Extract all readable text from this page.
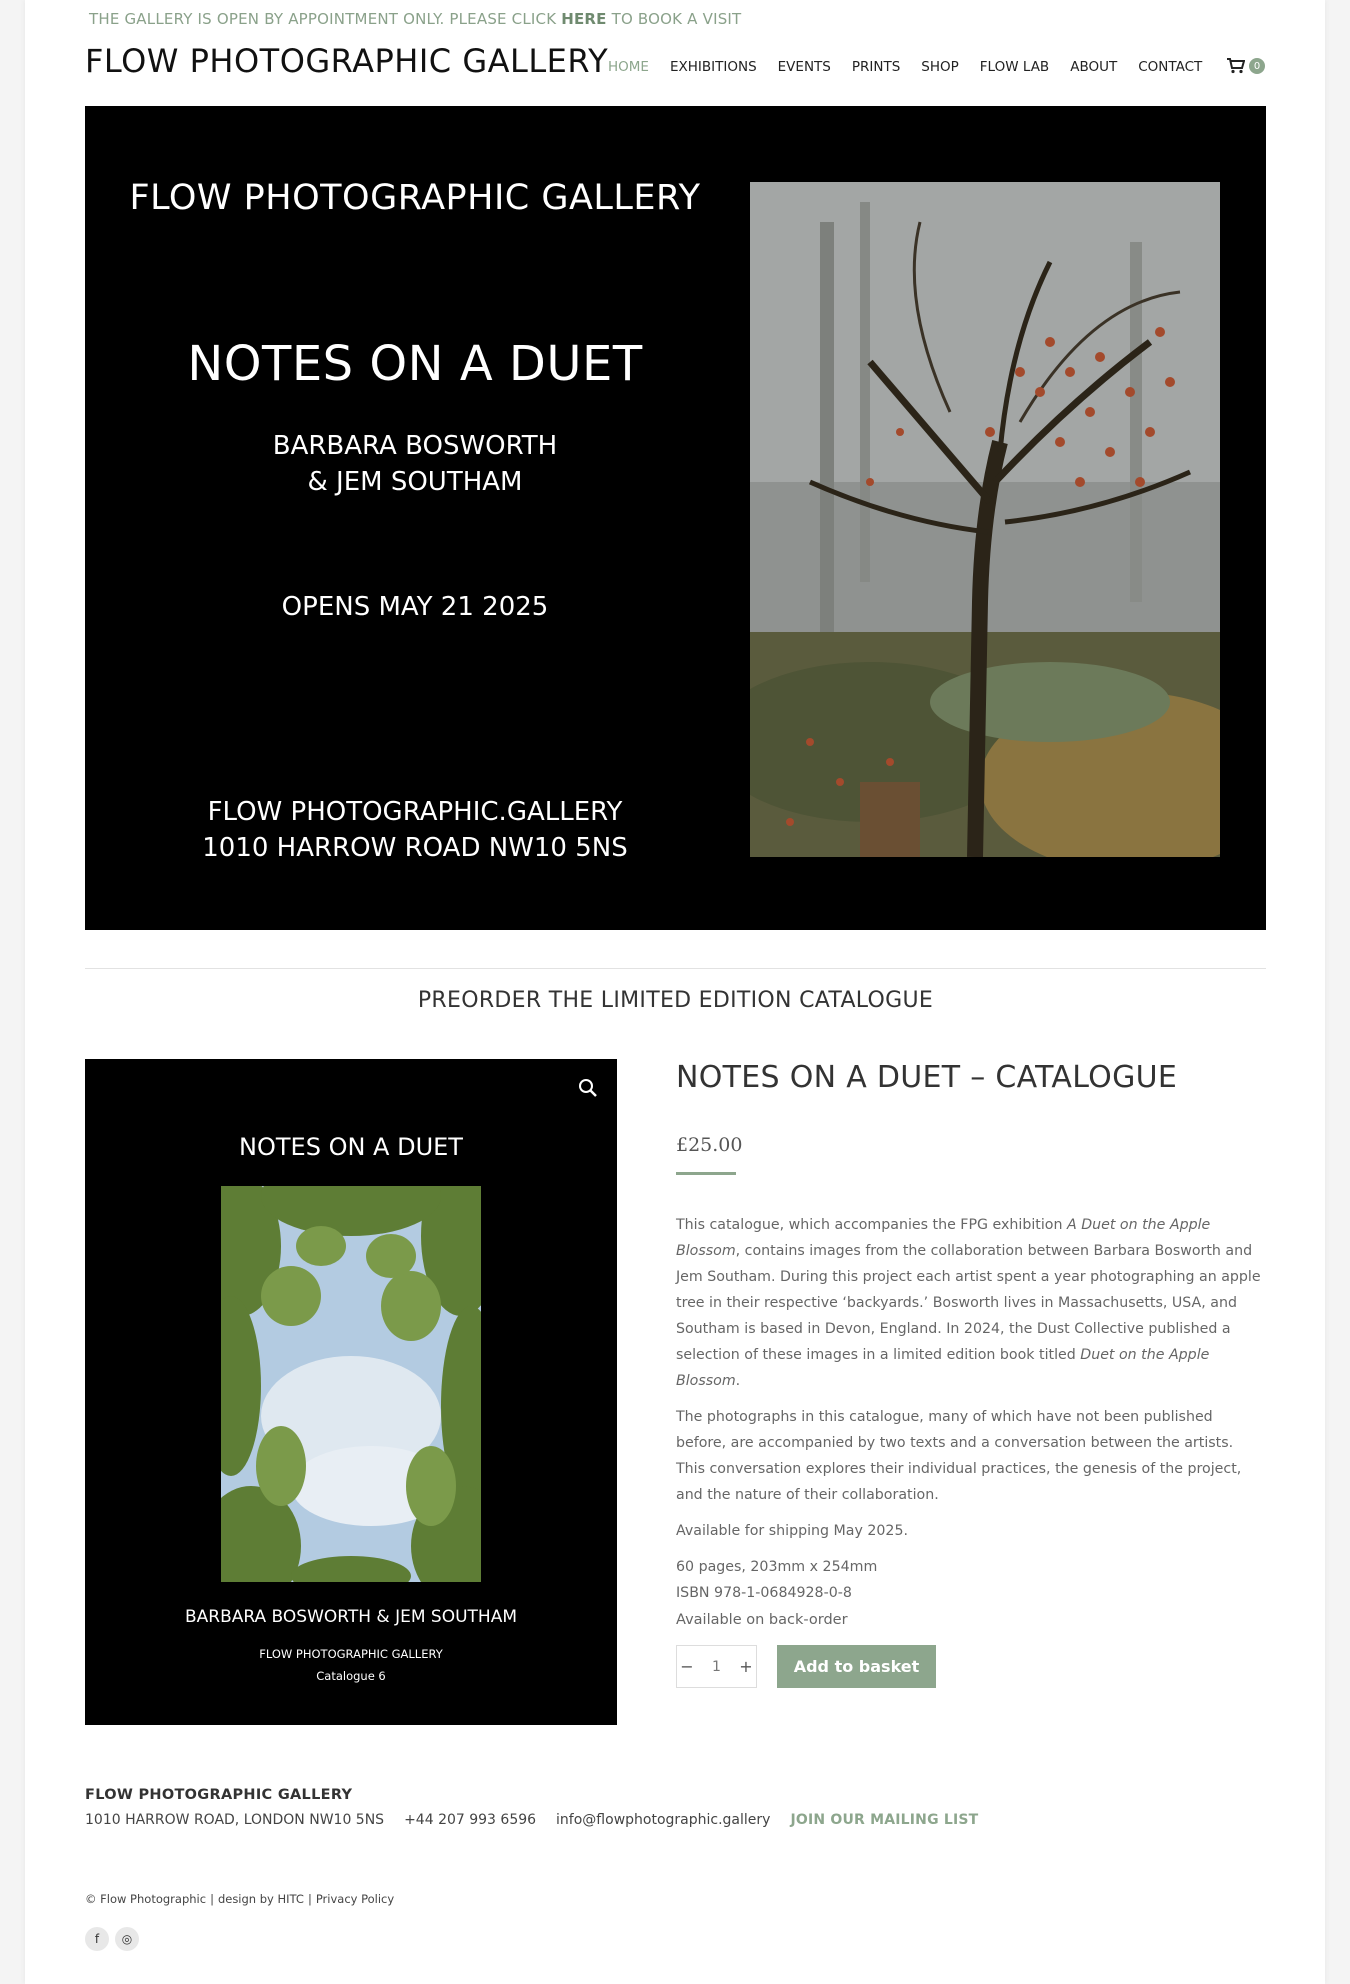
THE GALLERY IS OPEN BY APPOINTMENT ONLY. PLEASE CLICK HERE TO BOOK A VISIT
FLOW PHOTOGRAPHIC GALLERY HOME EXHIBITIONS EVENTS PRINTS SHOP FLOW LAB ABOUT CONTACT	0
FLOW PHOTOGRAPHIC GALLERY
NOTES ON A DUET
BARBARA BOSWORTH
& JEM SOUTHAM
OPENS MAY 21 2025
FLOW PHOTOGRAPHIC.GALLERY
1010 HARROW ROAD NW10 5NS
PREORDER THE LIMITED EDITION CATALOGUE
NOTES ON A DUET
BARBARA BOSWORTH & JEM SOUTHAM
FLOW PHOTOGRAPHIC GALLERY
Catalogue 6
NOTES ON A DUET – CATALOGUE
£25.00

This catalogue, which accompanies the FPG exhibition A Duet on the Apple Blossom, contains images from the collaboration between Barbara Bosworth and Jem Southam. During this project each artist spent a year photographing an apple tree in their respective ‘backyards.’ Bosworth lives in Massachusetts, USA, and Southam is based in Devon, England. In 2024, the Dust Collective published a selection of these images in a limited edition book titled Duet on the Apple Blossom.

The photographs in this catalogue, many of which have not been published before, are accompanied by two texts and a conversation between the artists. This conversation explores their individual practices, the genesis of the project, and the nature of their collaboration.

Available for shipping May 2025.

60 pages, 203mm x 254mm
ISBN 978-1-0684928-0-8

Available on back-order
−	1	+	Add to basket
FLOW PHOTOGRAPHIC GALLERY
1010 HARROW ROAD, LONDON NW10 5NS +44 207 993 6596 info@flowphotographic.gallery JOIN OUR MAILING LIST
© Flow Photographic | design by HITC | Privacy Policy
f	◎
